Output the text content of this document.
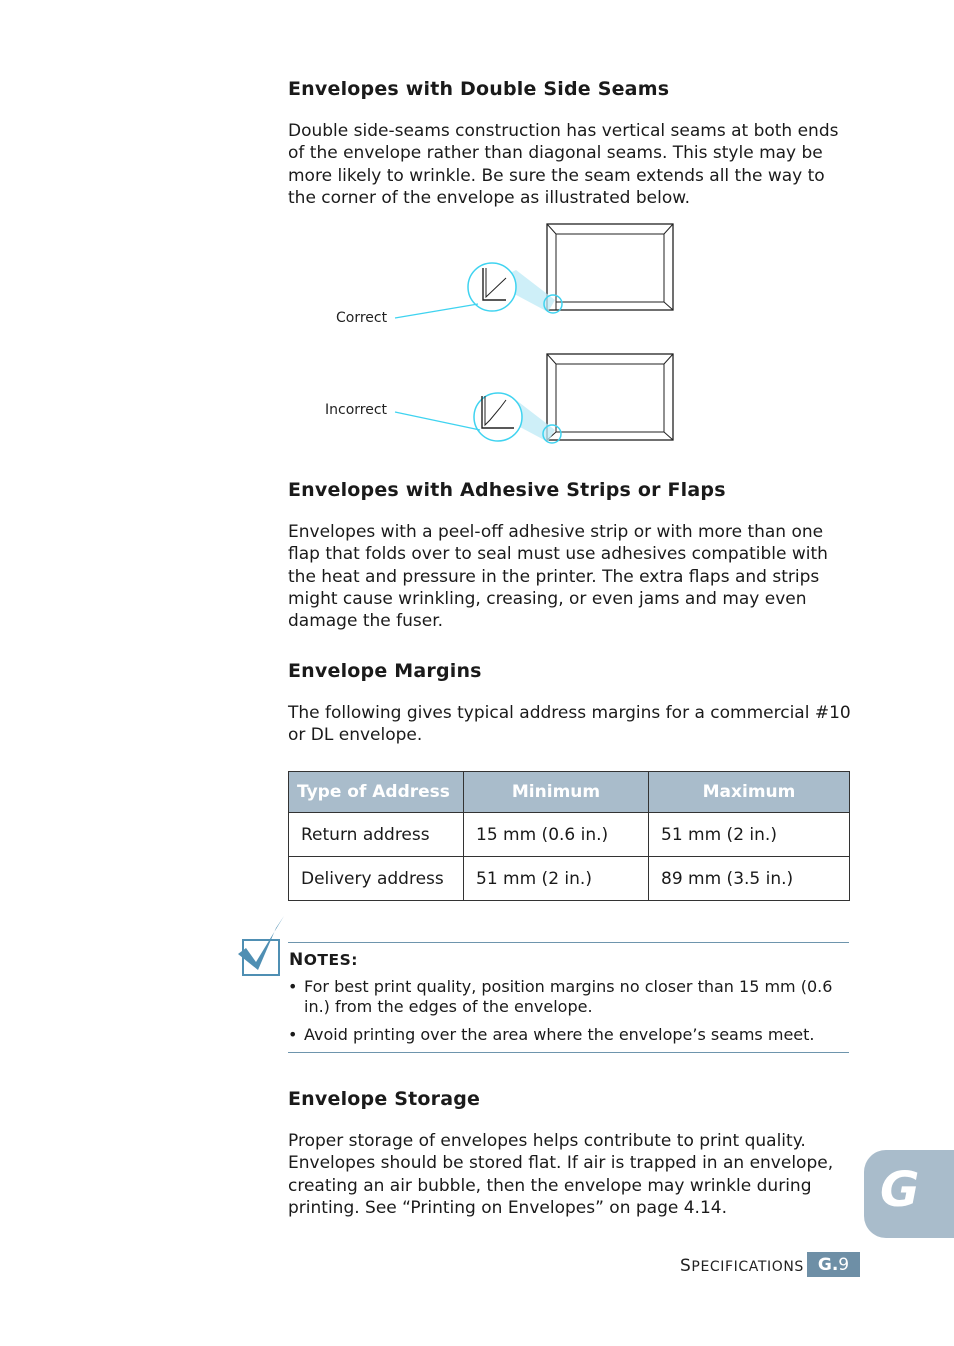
Envelopes with Double Side Seams

Double side-seams construction has vertical seams at both ends of the envelope rather than diagonal seams. This style may be more likely to wrinkle. Be sure the seam extends all the way to the corner of the envelope as illustrated below.

Correct
Incorrect
Envelopes with Adhesive Strips or Flaps

Envelopes with a peel-off adhesive strip or with more than one flap that folds over to seal must use adhesives compatible with the heat and pressure in the printer. The extra flaps and strips might cause wrinkling, creasing, or even jams and may even damage the fuser.

Envelope Margins

The following gives typical address margins for a commercial #10 or DL envelope.

Type of Address	Minimum	Maximum
Return address	15 mm (0.6 in.)	51 mm (2 in.)
Delivery address	51 mm (2 in.)	89 mm (3.5 in.)
NOTES:
• For best print quality, position margins no closer than 15 mm (0.6 in.) from the edges of the envelope.
• Avoid printing over the area where the envelope’s seams meet.
Envelope Storage

Proper storage of envelopes helps contribute to print quality. Envelopes should be stored flat. If air is trapped in an envelope, creating an air bubble, then the envelope may wrinkle during printing. See “Printing on Envelopes” on page 4.14.	G
SPECIFICATIONS G. 9
